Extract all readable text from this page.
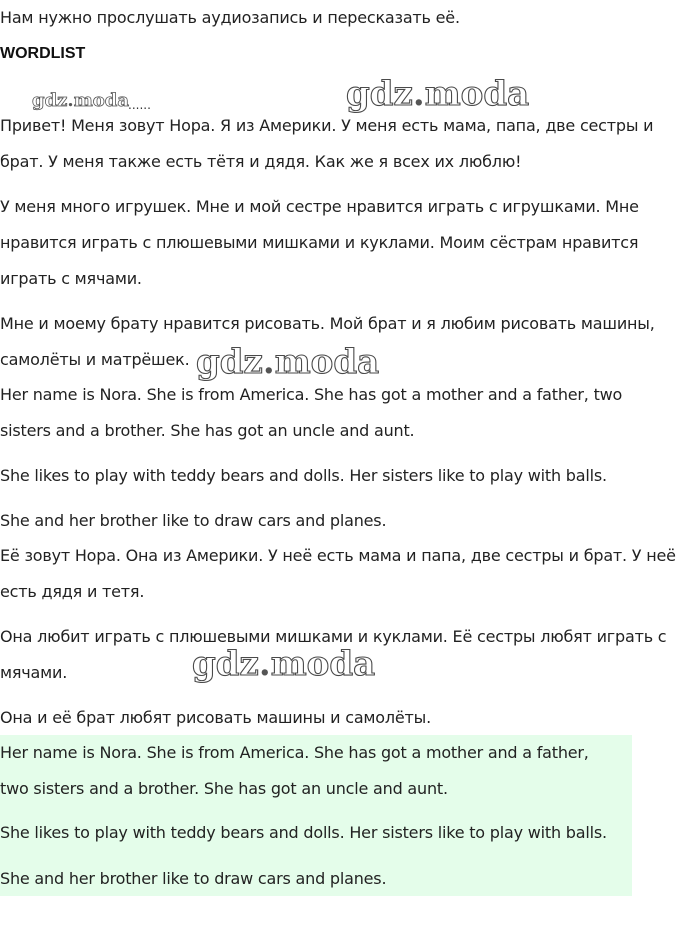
Нам нужно прослушать аудиозапись и пересказать её.

WORDLIST
gdz.moda ......	gdz.moda

Привет! Меня зовут Нора. Я из Америки. У меня есть мама, папа, две сестры и брат. У меня также есть тётя и дядя. Как же я всех их люблю!

У меня много игрушек. Мне и мой сестре нравится играть с игрушками. Мне нравится играть с плюшевыми мишками и куклами. Моим сёстрам нравится играть с мячами.

Мне и моему брату нравится рисовать. Мой брат и я любим рисовать машины, самолёты и матрёшек. gdz.moda

Her name is Nora. She is from America. She has got a mother and a father, two sisters and a brother. She has got an uncle and aunt.

She likes to play with teddy bears and dolls. Her sisters like to play with balls.

She and her brother like to draw cars and planes.

Её зовут Нора. Она из Америки. У неё есть мама и папа, две сестры и брат. У неё есть дядя и тетя.

Она любит играть с плюшевыми мишками и куклами. Её сестры любят играть с мячами.	gdz.moda

Она и её брат любят рисовать машины и самолёты.

Her name is Nora. She is from America. She has got a mother and a father, two sisters and a brother. She has got an uncle and aunt.

She likes to play with teddy bears and dolls. Her sisters like to play with balls.

She and her brother like to draw cars and planes.
